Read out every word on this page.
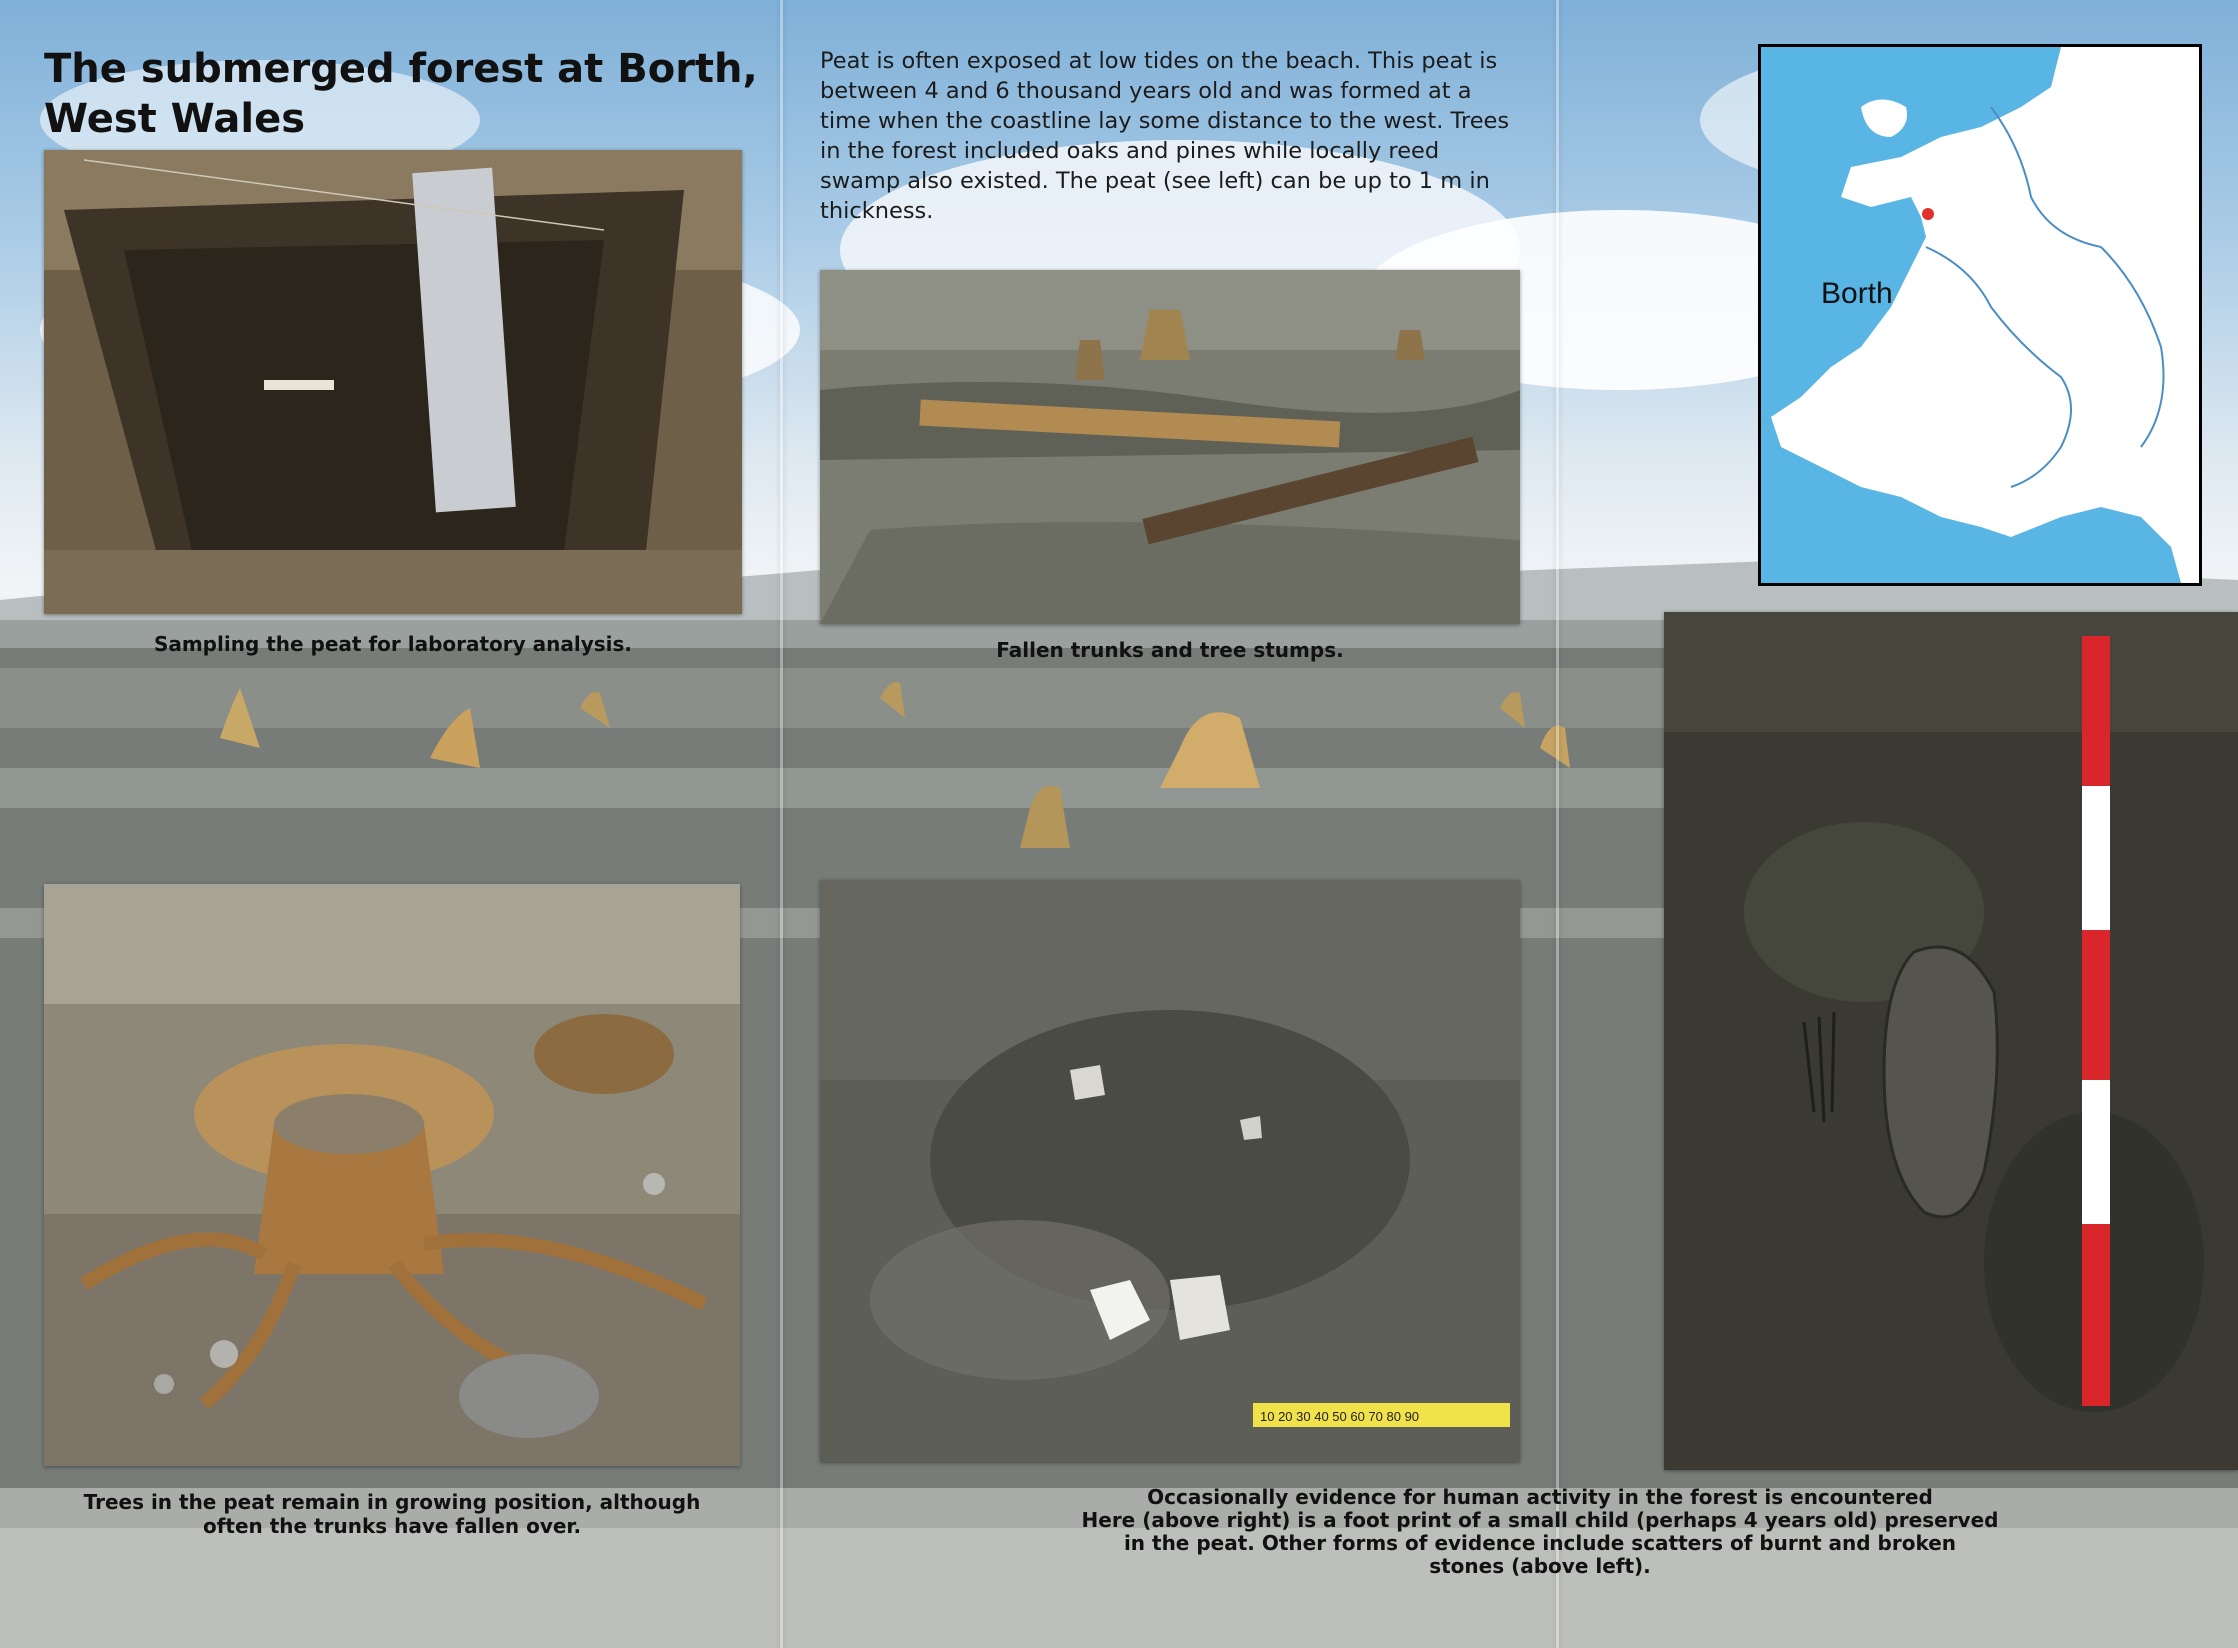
The submerged forest at Borth,
West Wales

Peat is often exposed at low tides on the beach. This peat is between 4 and 6 thousand years old and was formed at a time when the coastline lay some distance to the west. Trees in the forest included oaks and pines while locally reed swamp also existed. The peat (see left) can be up to 1 m in thickness.

Sampling the peat for laboratory analysis.	Fallen trunks and tree stumps.

Borth

Trees in the peat remain in growing position, although
often the trunks have fallen over.

10 20 30 40 50 60 70 80 90

Occasionally evidence for human activity in the forest is encountered
Here (above right) is a foot print of a small child (perhaps 4 years old) preserved
in the peat. Other forms of evidence include scatters of burnt and broken
stones (above left).
